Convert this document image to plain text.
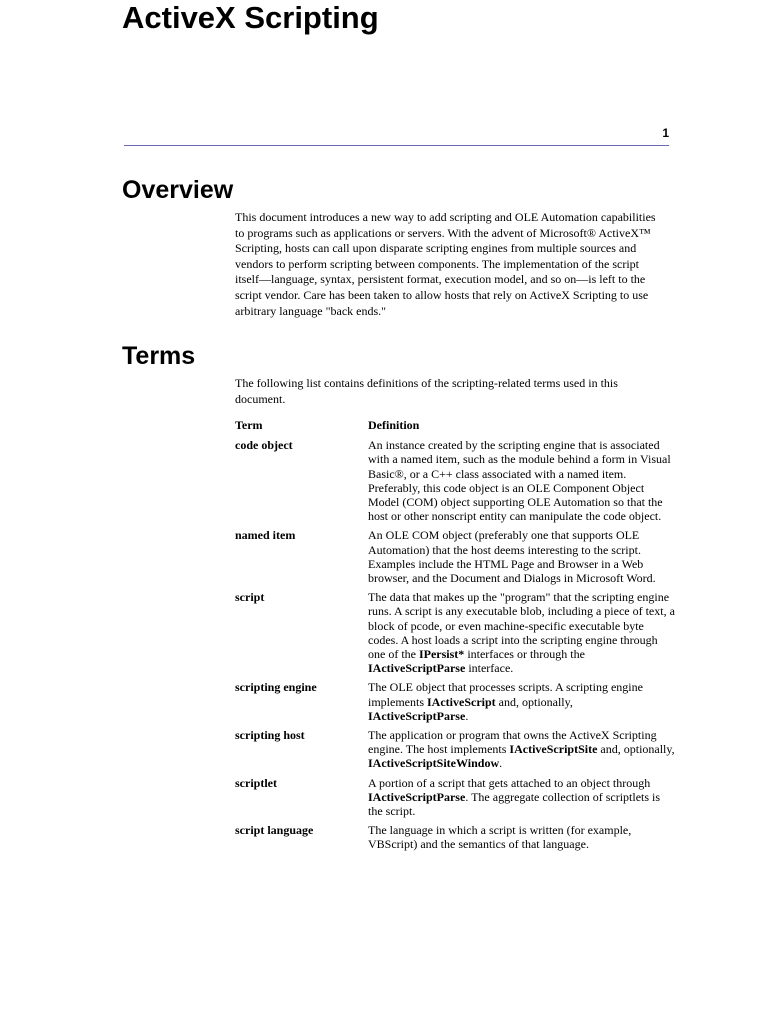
ActiveX Scripting
1
Overview

This document introduces a new way to add scripting and OLE Automation capabilities to programs such as applications or servers. With the advent of Microsoft® ActiveX™ Scripting, hosts can call upon disparate scripting engines from multiple sources and vendors to perform scripting between components. The implementation of the script itself—language, syntax, persistent format, execution model, and so on—is left to the script vendor. Care has been taken to allow hosts that rely on ActiveX Scripting to use arbitrary language "back ends."

Terms

The following list contains definitions of the scripting-related terms used in this document.

Term	Definition
code object	An instance created by the scripting engine that is associated with a named item, such as the module behind a form in Visual Basic®, or a C++ class associated with a named item. Preferably, this code object is an OLE Component Object Model (COM) object supporting OLE Automation so that the host or other nonscript entity can manipulate the code object.
named item	An OLE COM object (preferably one that supports OLE Automation) that the host deems interesting to the script. Examples include the HTML Page and Browser in a Web browser, and the Document and Dialogs in Microsoft Word.
script	The data that makes up the "program" that the scripting engine runs. A script is any executable blob, including a piece of text, a block of pcode, or even machine-specific executable byte codes. A host loads a script into the scripting engine through one of the IPersist* interfaces or through the IActiveScriptParse interface.
scripting engine	The OLE object that processes scripts. A scripting engine implements IActiveScript and, optionally, IActiveScriptParse.
scripting host	The application or program that owns the ActiveX Scripting engine. The host implements IActiveScriptSite and, optionally, IActiveScriptSiteWindow.
scriptlet	A portion of a script that gets attached to an object through IActiveScriptParse. The aggregate collection of scriptlets is the script.
script language	The language in which a script is written (for example, VBScript) and the semantics of that language.
